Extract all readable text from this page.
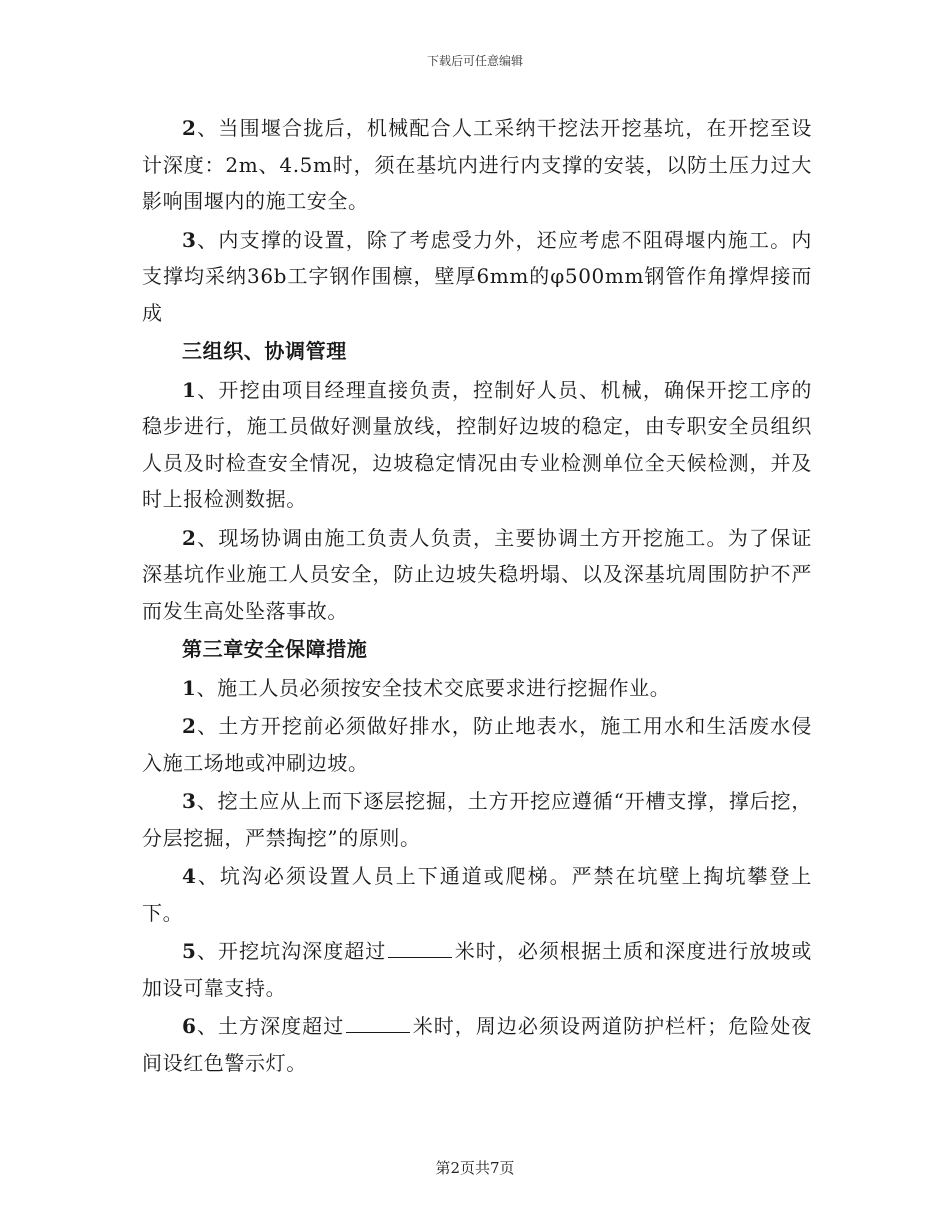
下载后可任意编辑

2、当围堰合拢后，机械配合人工采纳干挖法开挖基坑，在开挖至设计深度：2m、4.5m时，须在基坑内进行内支撑的安装，以防土压力过大影响围堰内的施工安全。

3、内支撑的设置，除了考虑受力外，还应考虑不阻碍堰内施工。内支撑均采纳36b工字钢作围檩，壁厚6mm的φ500mm钢管作角撑焊接而成

三组织、协调管理

1、开挖由项目经理直接负责，控制好人员、机械，确保开挖工序的稳步进行，施工员做好测量放线，控制好边坡的稳定，由专职安全员组织人员及时检查安全情况，边坡稳定情况由专业检测单位全天候检测，并及时上报检测数据。

2、现场协调由施工负责人负责，主要协调土方开挖施工。为了保证深基坑作业施工人员安全，防止边坡失稳坍塌、以及深基坑周围防护不严而发生高处坠落事故。

第三章安全保障措施

1、施工人员必须按安全技术交底要求进行挖掘作业。

2、土方开挖前必须做好排水，防止地表水，施工用水和生活废水侵入施工场地或冲刷边坡。

3、挖土应从上而下逐层挖掘，土方开挖应遵循“开槽支撑，撑后挖，分层挖掘，严禁掏挖”的原则。

4、坑沟必须设置人员上下通道或爬梯。严禁在坑壁上掏坑攀登上下。

5、开挖坑沟深度超过	米时，必须根据土质和深度进行放坡或加设可靠支持。

6、土方深度超过	米时，周边必须设两道防护栏杆；危险处夜间设红色警示灯。

第2页共7页
